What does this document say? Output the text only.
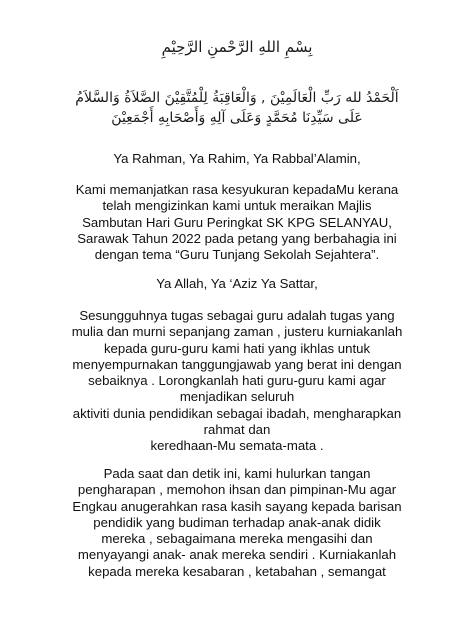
بِسْمِ اللهِ الرَّحْمنِ الرَّحِيْمِ
اَلْحَمْدُ لله رَبِّ الْعَالَمِيْنَ , وَالْعَاقِبَةُ لِلْمُتَّقِيْنَ الصَّلاَةُ وَالسَّلاَمُ
عَلَى سَيِّدِنَا مُحَمَّدٍ وَعَلَى آلِهِ وَأَصْحَابِهِ أَجْمَعِيْنَ
Ya Rahman, Ya Rahim, Ya Rabbal’Alamin,
Kami memanjatkan rasa kesyukuran kepadaMu kerana
telah mengizinkan kami untuk meraikan Majlis
Sambutan Hari Guru Peringkat SK KPG SELANYAU,
Sarawak Tahun 2022 pada petang yang berbahagia ini
dengan tema “Guru Tunjang Sekolah Sejahtera”.
Ya Allah, Ya ‘Aziz Ya Sattar,
Sesungguhnya tugas sebagai guru adalah tugas yang
mulia dan murni sepanjang zaman , justeru kurniakanlah
kepada guru-guru kami hati yang ikhlas untuk
menyempurnakan tanggungjawab yang berat ini dengan
sebaiknya . Lorongkanlah hati guru-guru kami agar
menjadikan seluruh
aktiviti dunia pendidikan sebagai ibadah, mengharapkan
rahmat dan
keredhaan-Mu semata-mata .
Pada saat dan detik ini, kami hulurkan tangan
pengharapan , memohon ihsan dan pimpinan-Mu agar
Engkau anugerahkan rasa kasih sayang kepada barisan
pendidik yang budiman terhadap anak-anak didik
mereka , sebagaimana mereka mengasihi dan
menyayangi anak- anak mereka sendiri . Kurniakanlah
kepada mereka kesabaran , ketabahan , semangat
